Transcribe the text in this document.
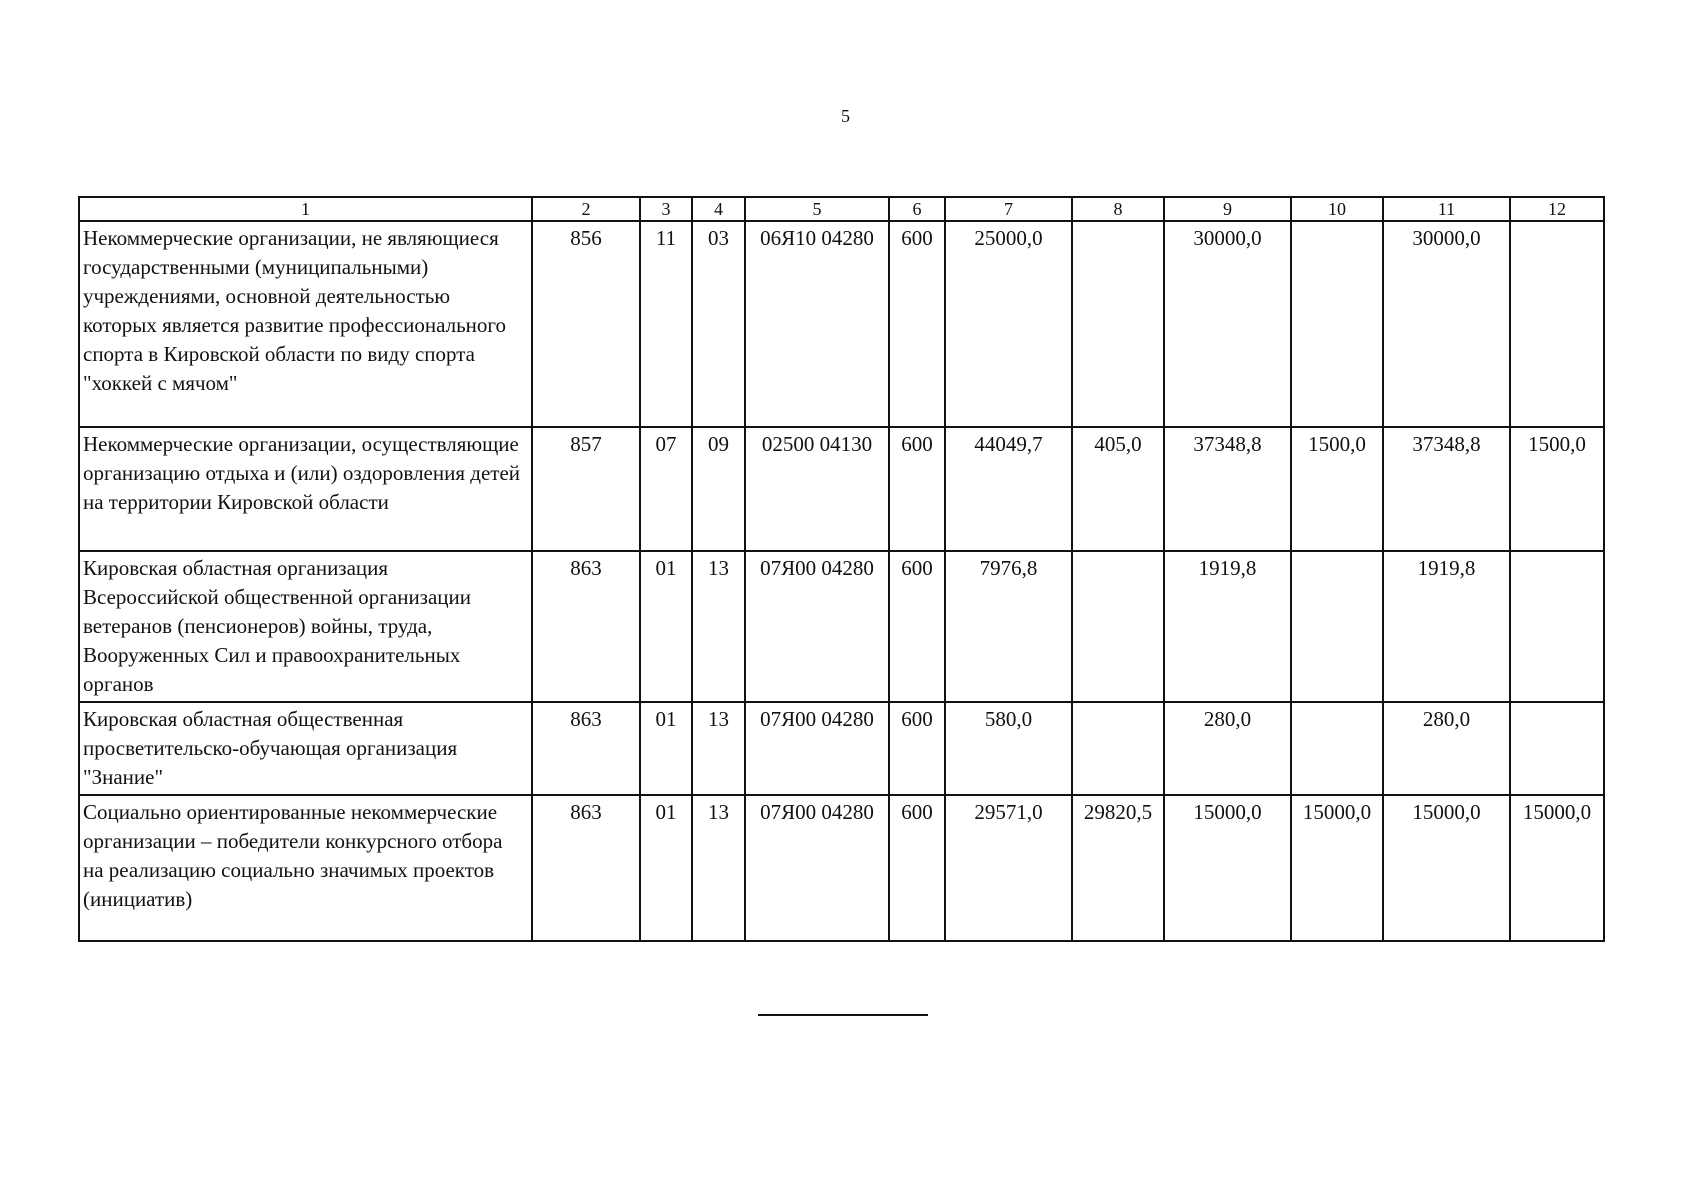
5
1	2	3	4	5	6	7	8	9	10	11	12
Некоммерческие организации, не являющиеся государственными (муниципальными) учреждениями, основной деятельностью которых является развитие профессионального спорта в Кировской области по виду спорта "хоккей с мячом"	856	11	03	06Я10 04280	600	25000,0		30000,0		30000,0	
Некоммерческие организации, осуществляющие организацию отдыха и (или) оздоровления детей на территории Кировской области	857	07	09	02500 04130	600	44049,7	405,0	37348,8	1500,0	37348,8	1500,0
Кировская областная организация Всероссийской общественной организации ветеранов (пенсионеров) войны, труда, Вооруженных Сил и правоохранительных органов	863	01	13	07Я00 04280	600	7976,8		1919,8		1919,8	
Кировская областная общественная просветительско-обучающая организация "Знание"	863	01	13	07Я00 04280	600	580,0		280,0		280,0	
Социально ориентированные некоммерческие организации – победители конкурсного отбора на реализацию социально значимых проектов (инициатив)	863	01	13	07Я00 04280	600	29571,0	29820,5	15000,0	15000,0	15000,0	15000,0
